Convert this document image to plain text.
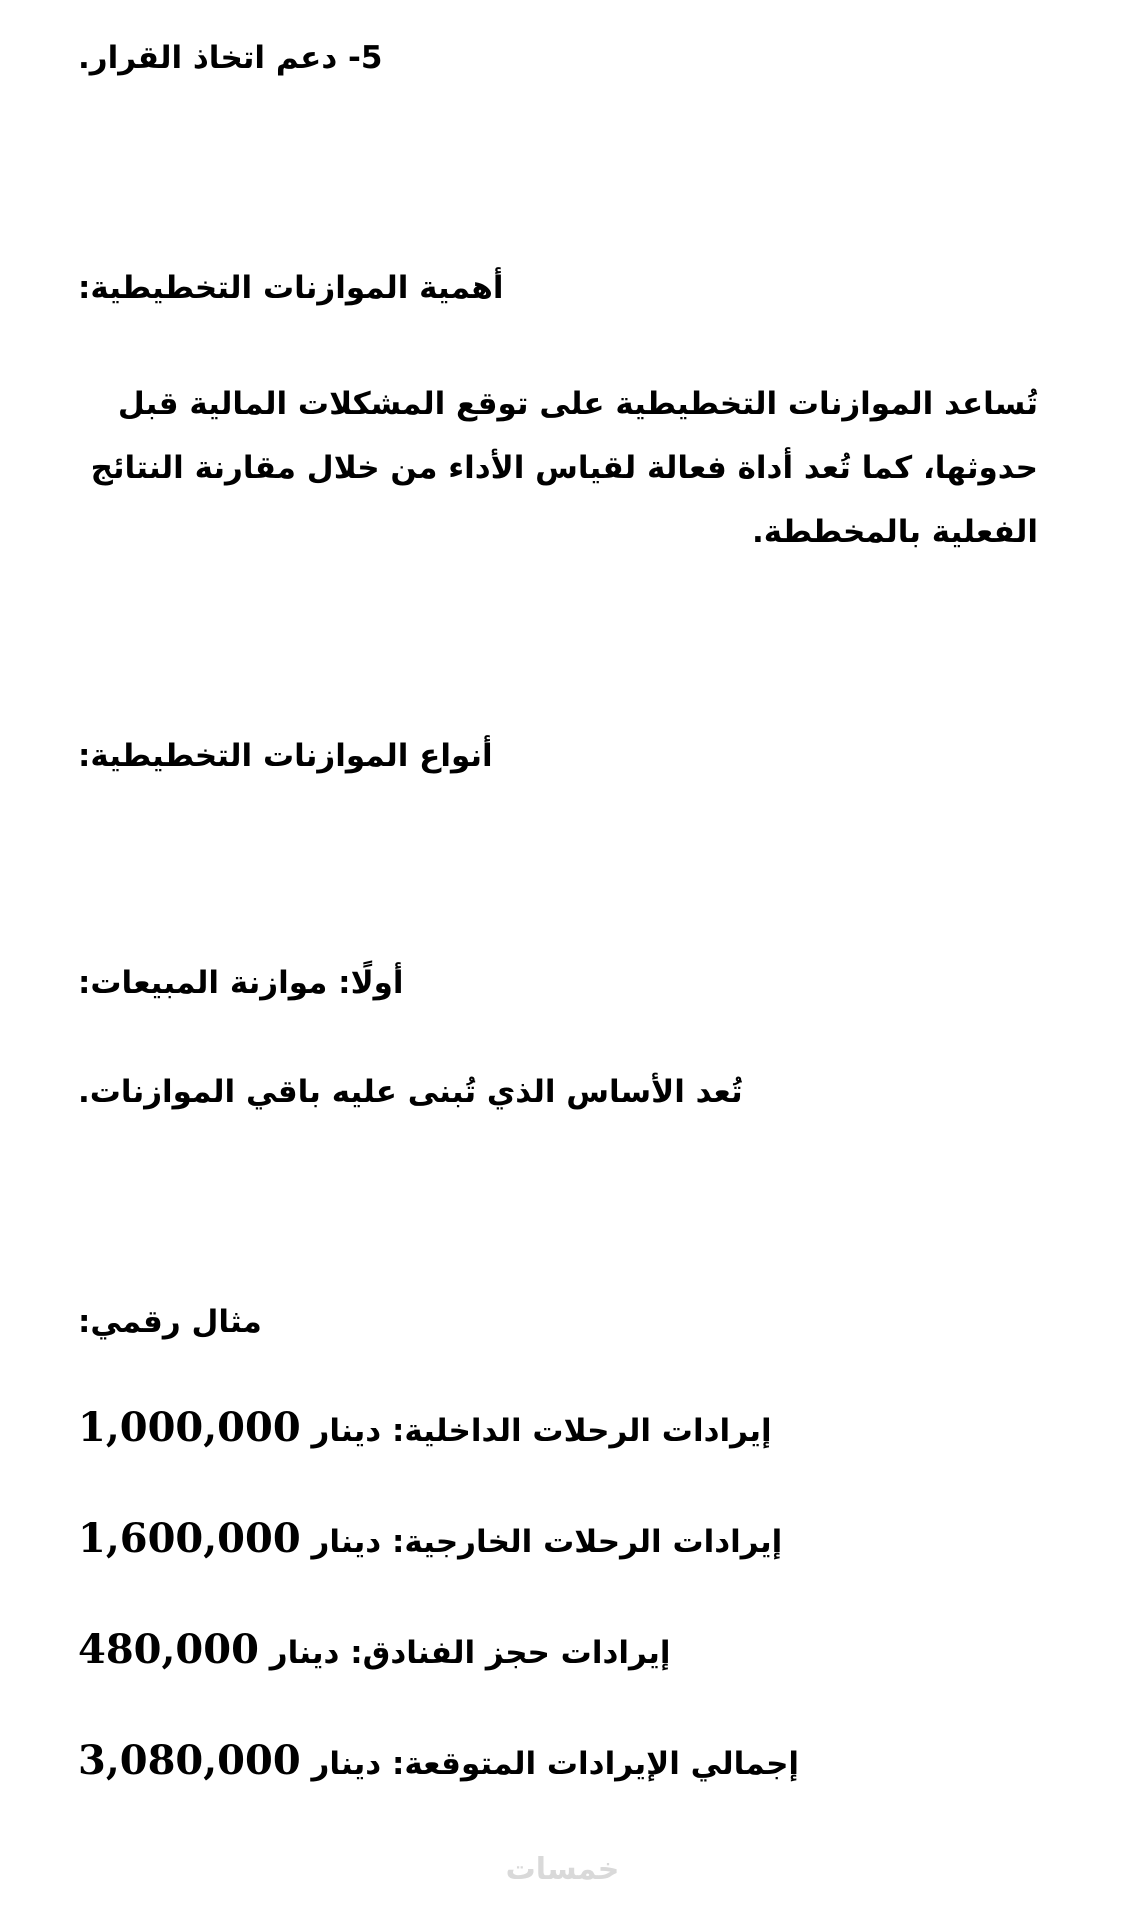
5- دعم اتخاذ القرار.

أهمية الموازنات التخطيطية:

تُساعد الموازنات التخطيطية على توقع المشكلات المالية قبل
حدوثها، كما تُعد أداة فعالة لقياس الأداء من خلال مقارنة النتائج
الفعلية بالمخططة.

أنواع الموازنات التخطيطية:

أولًا: موازنة المبيعات:

تُعد الأساس الذي تُبنى عليه باقي الموازنات.

مثال رقمي:

إيرادات الرحلات الداخلية: دينار 1,000,000

إيرادات الرحلات الخارجية: دينار 1,600,000

إيرادات حجز الفنادق: دينار 480,000

إجمالي الإيرادات المتوقعة: دينار 3,080,000

خمسات
